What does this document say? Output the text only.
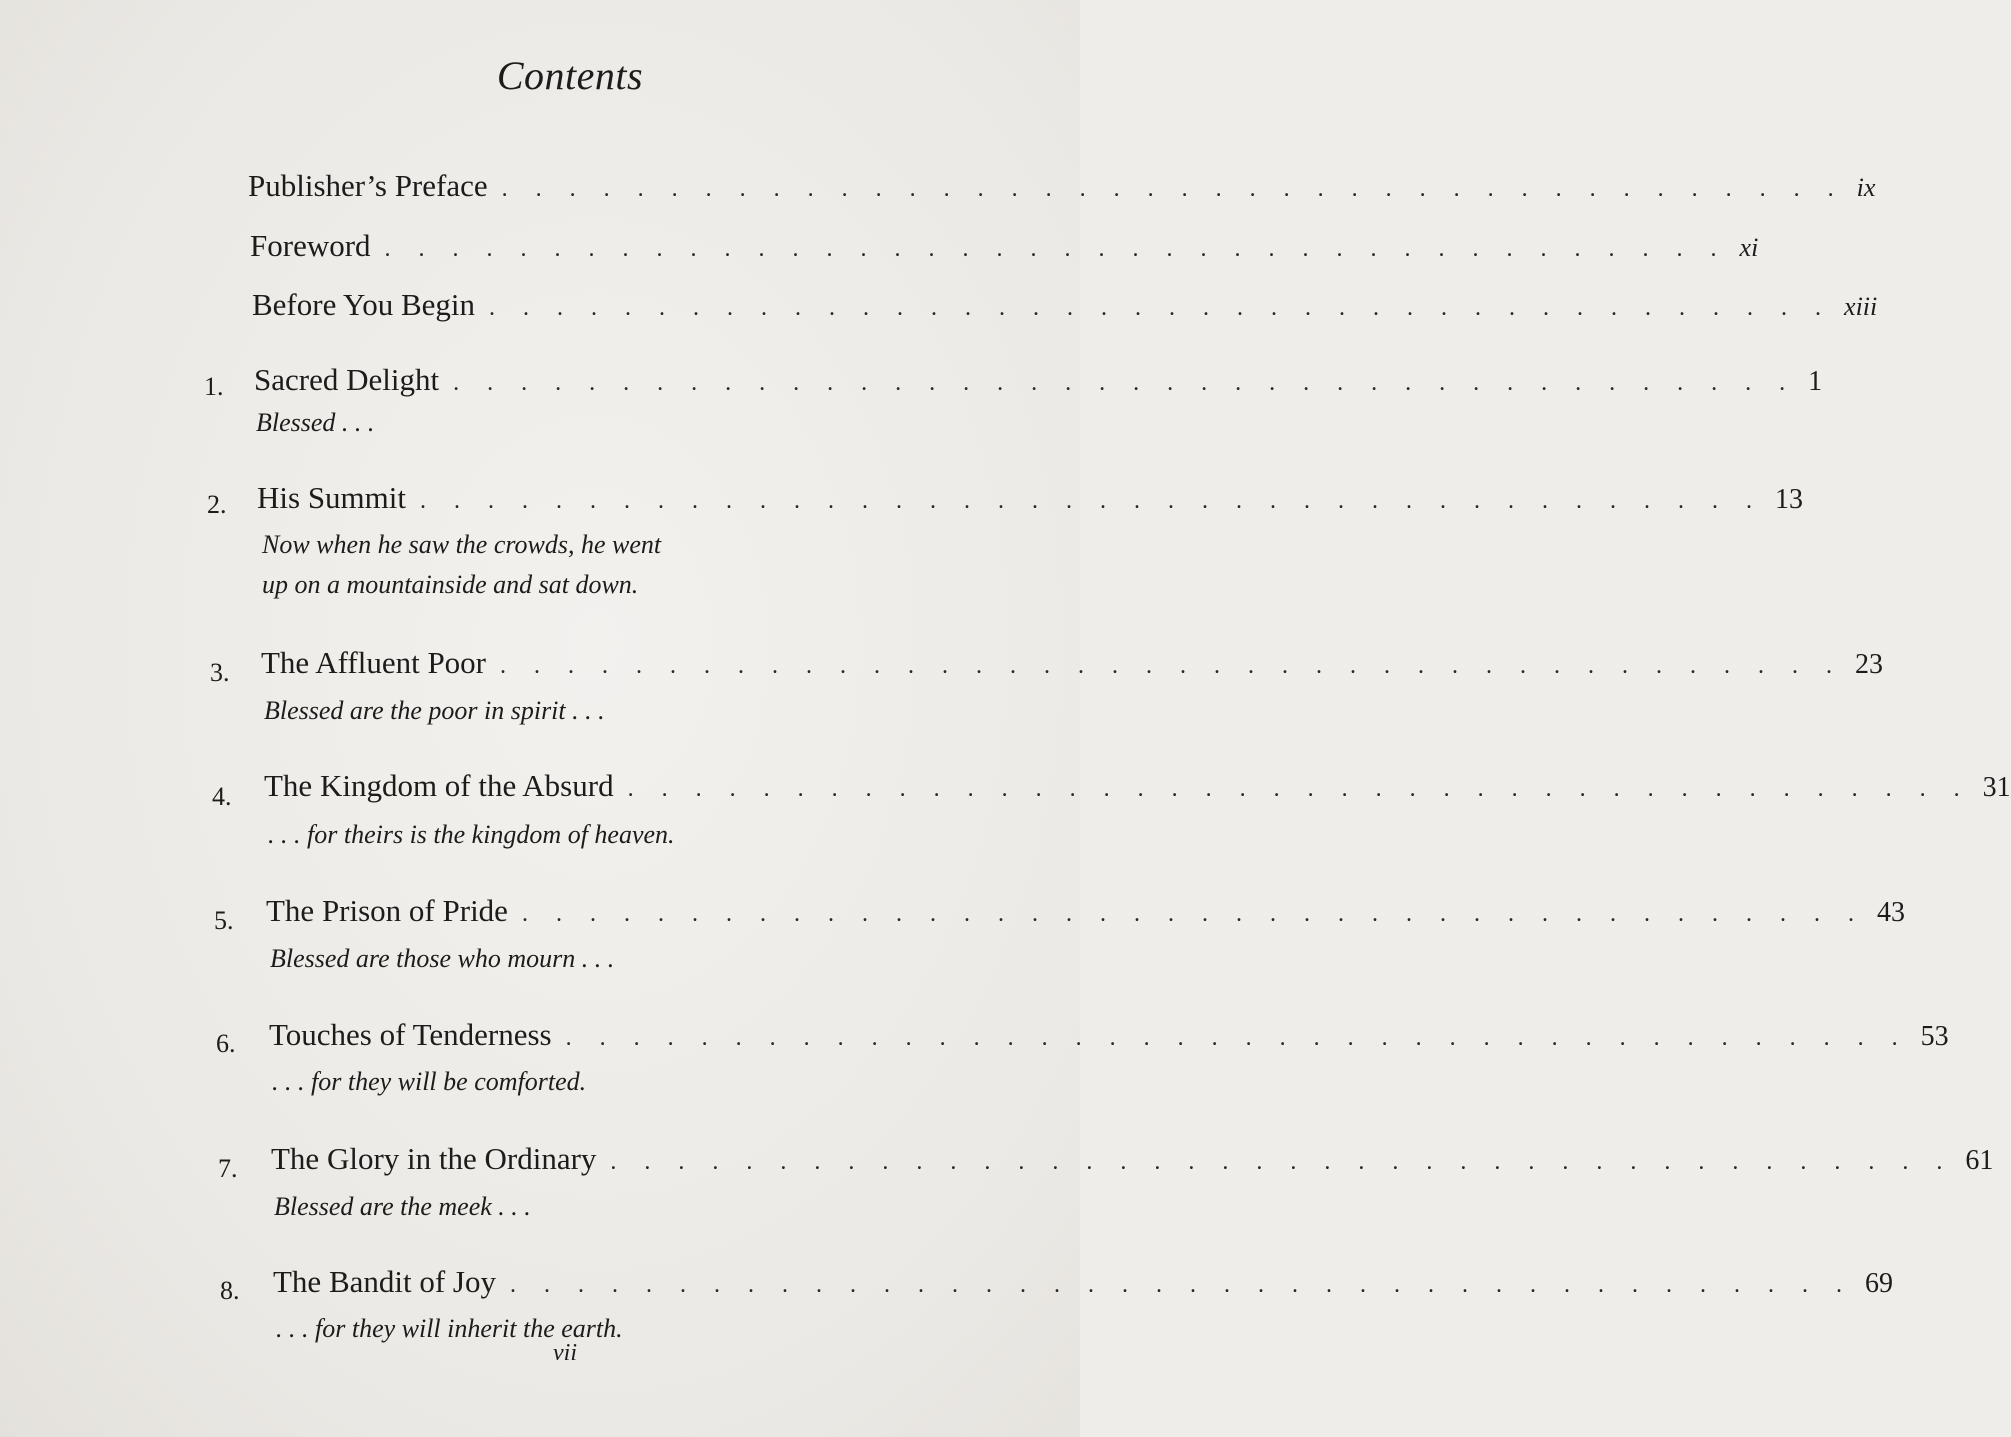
Contents
Publisher’s Preface . . . . . . . . . . . . . . . . . . . . . . . . . . . . . . . . . . . . . . . . ix
Foreword . . . . . . . . . . . . . . . . . . . . . . . . . . . . . . . . . . . . . . . . xi
Before You Begin . . . . . . . . . . . . . . . . . . . . . . . . . . . . . . . . . . . . . . . . xiii
1. Sacred Delight . . . . . . . . . . . . . . . . . . . . . . . . . . . . . . . . . . . . . . . . 1
Blessed . . .
2. His Summit . . . . . . . . . . . . . . . . . . . . . . . . . . . . . . . . . . . . . . . . 13
Now when he saw the crowds, he went
up on a mountainside and sat down.
3. The Affluent Poor . . . . . . . . . . . . . . . . . . . . . . . . . . . . . . . . . . . . . . . . 23
Blessed are the poor in spirit . . .
4. The Kingdom of the Absurd . . . . . . . . . . . . . . . . . . . . . . . . . . . . . . . . . . . . . . . . 31
. . . for theirs is the kingdom of heaven.
5. The Prison of Pride . . . . . . . . . . . . . . . . . . . . . . . . . . . . . . . . . . . . . . . . 43
Blessed are those who mourn . . .
6. Touches of Tenderness . . . . . . . . . . . . . . . . . . . . . . . . . . . . . . . . . . . . . . . . 53
. . . for they will be comforted.
7. The Glory in the Ordinary . . . . . . . . . . . . . . . . . . . . . . . . . . . . . . . . . . . . . . . . 61
Blessed are the meek . . .
8. The Bandit of Joy . . . . . . . . . . . . . . . . . . . . . . . . . . . . . . . . . . . . . . . . 69
. . . for they will inherit the earth.
vii
